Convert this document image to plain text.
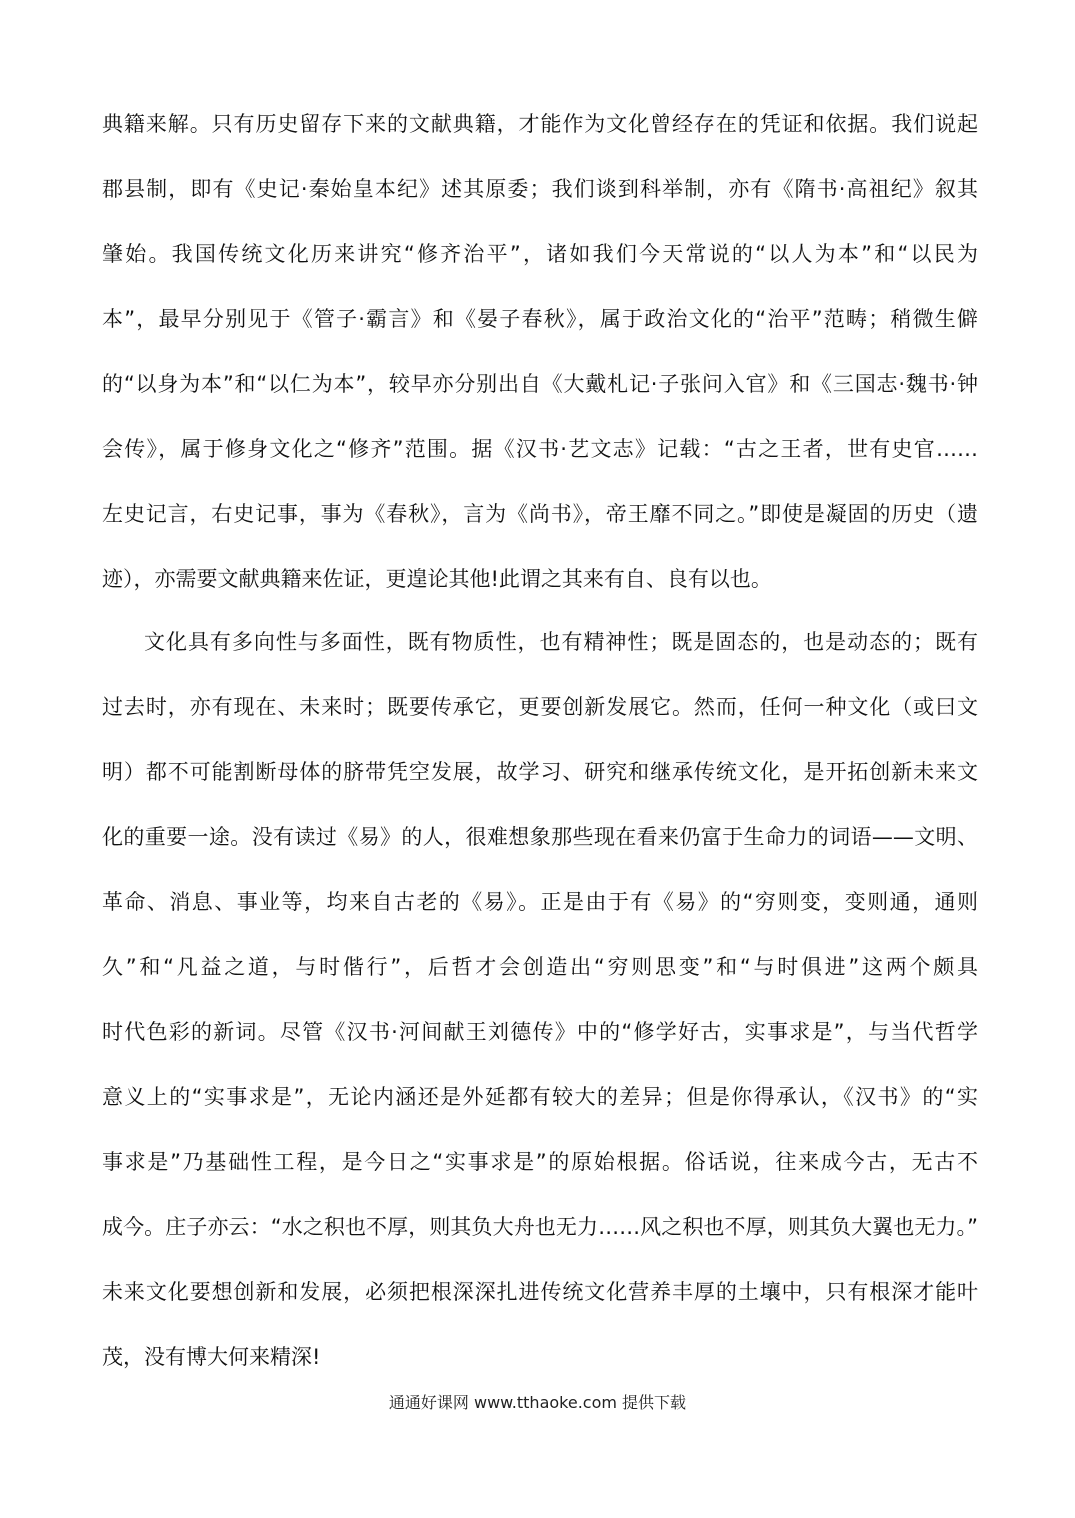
典籍来解。只有历史留存下来的文献典籍，才能作为文化曾经存在的凭证和依据。我们说起
郡县制，即有《史记·秦始皇本纪》述其原委；我们谈到科举制，亦有《隋书·高祖纪》叙其
肇始。我国传统文化历来讲究“修齐治平”，诸如我们今天常说的“以人为本”和“以民为
本”，最早分别见于《管子·霸言》和《晏子春秋》，属于政治文化的“治平”范畴；稍微生僻
的“以身为本”和“以仁为本”，较早亦分别出自《大戴札记·子张问入官》和《三国志·魏书·钟
会传》，属于修身文化之“修齐”范围。据《汉书·艺文志》记载：“古之王者，世有史官……
左史记言，右史记事，事为《春秋》，言为《尚书》，帝王靡不同之。”即使是凝固的历史（遗
迹），亦需要文献典籍来佐证，更遑论其他!此谓之其来有自、良有以也。
文化具有多向性与多面性，既有物质性，也有精神性；既是固态的，也是动态的；既有
过去时，亦有现在、未来时；既要传承它，更要创新发展它。然而，任何一种文化（或曰文
明）都不可能割断母体的脐带凭空发展，故学习、研究和继承传统文化，是开拓创新未来文
化的重要一途。没有读过《易》的人，很难想象那些现在看来仍富于生命力的词语——文明、
革命、消息、事业等，均来自古老的《易》。正是由于有《易》的“穷则变，变则通，通则
久”和“凡益之道，与时偕行”，后哲才会创造出“穷则思变”和“与时俱进”这两个颇具
时代色彩的新词。尽管《汉书·河间献王刘德传》中的“修学好古，实事求是”，与当代哲学
意义上的“实事求是”，无论内涵还是外延都有较大的差异；但是你得承认，《汉书》的“实
事求是”乃基础性工程，是今日之“实事求是”的原始根据。俗话说，往来成今古，无古不
成今。庄子亦云：“水之积也不厚，则其负大舟也无力……风之积也不厚，则其负大翼也无力。”
未来文化要想创新和发展，必须把根深深扎进传统文化营养丰厚的土壤中，只有根深才能叶
茂，没有博大何来精深!
通通好课网 www.tthaoke.com 提供下载
